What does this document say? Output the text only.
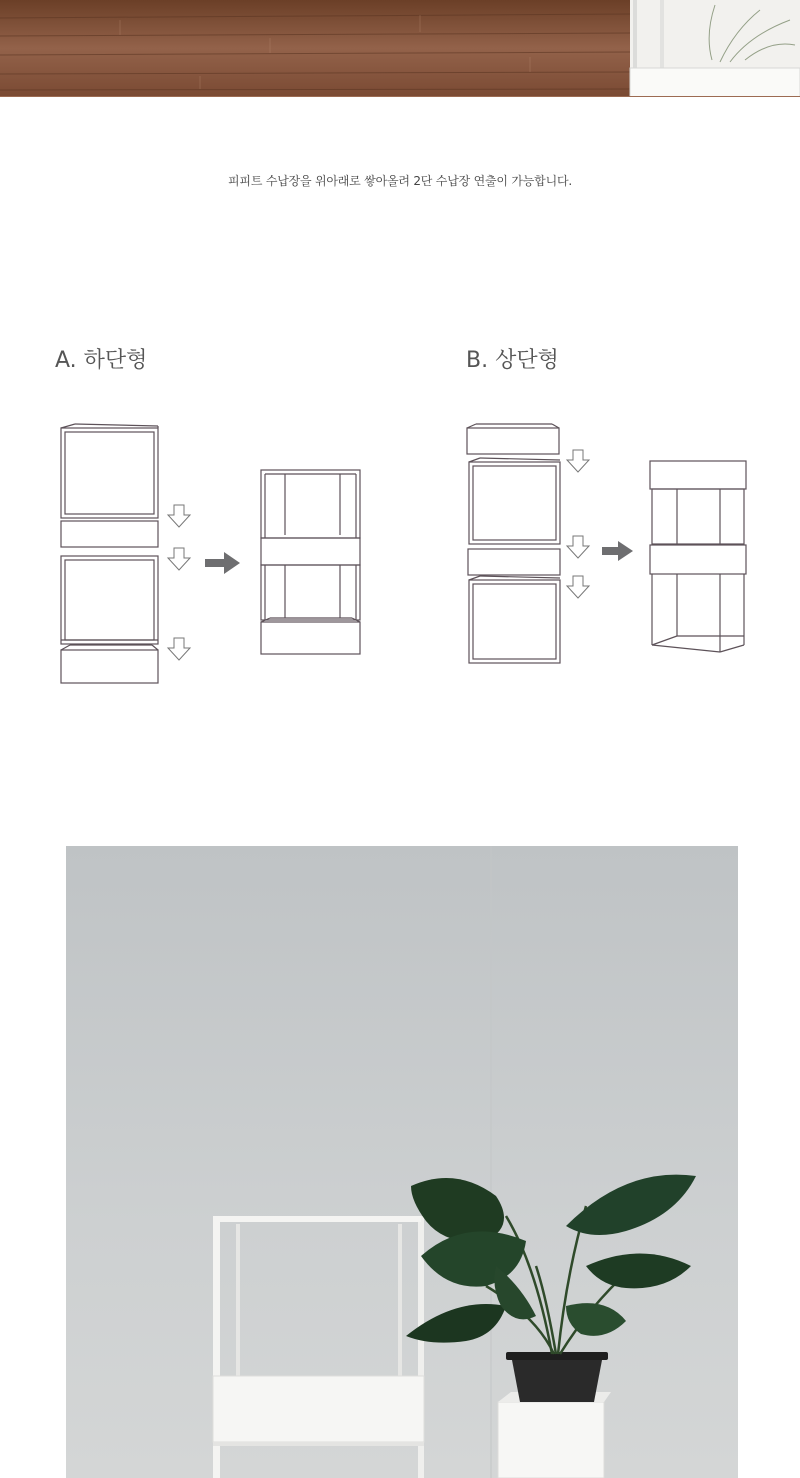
피피트 수납장을 위아래로 쌓아올려 2단 수납장 연출이 가능합니다.
A. 하단형	B. 상단형
